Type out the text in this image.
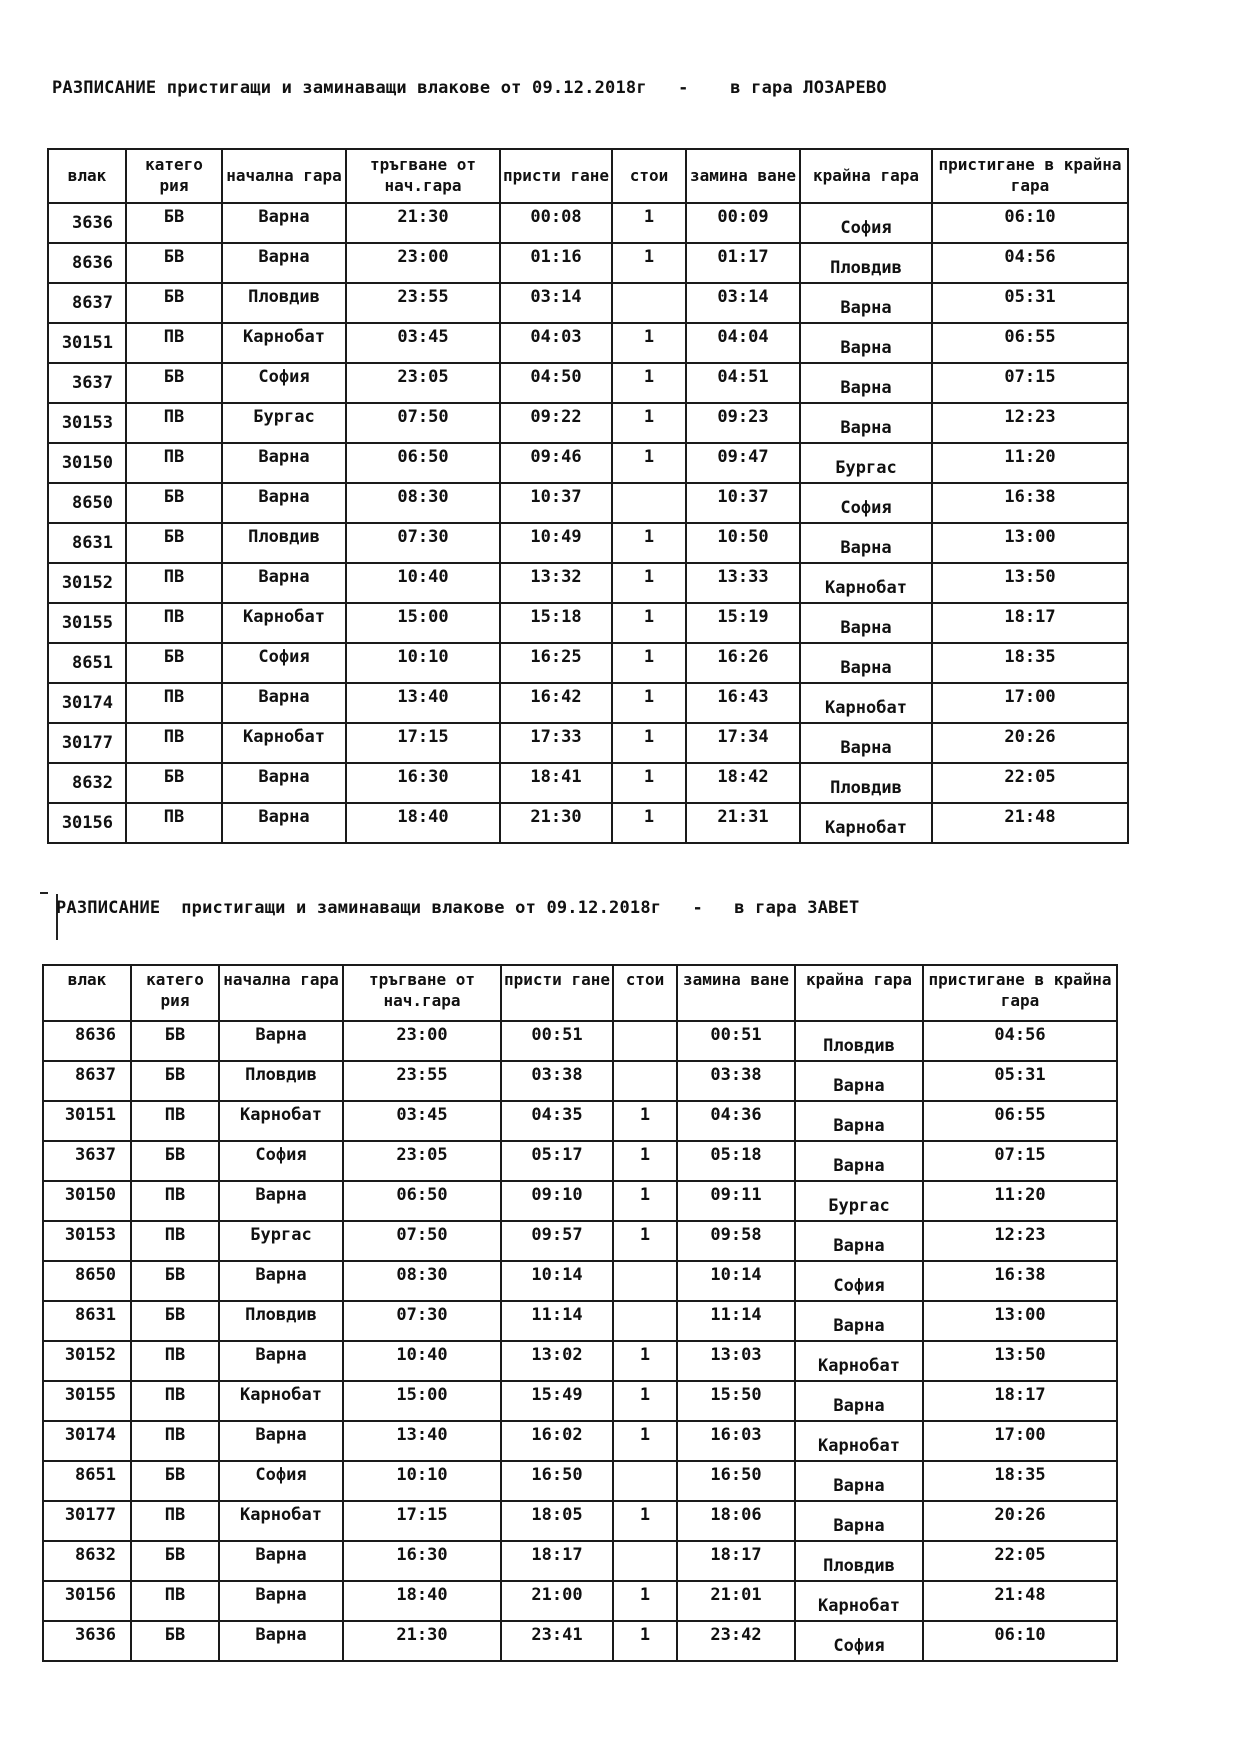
РАЗПИСАНИЕ пристигащи и заминаващи влакове от 09.12.2018г   -    в гара ЛОЗАРЕВО
влак	катего рия	начална гара	тръгване от нач.гара	присти гане	стои	замина ване	крайна гара	пристигане в крайна гара
3636	БВ	Варна	21:30	00:08	1	00:09	София	06:10
8636	БВ	Варна	23:00	01:16	1	01:17	Пловдив	04:56
8637	БВ	Пловдив	23:55	03:14		03:14	Варна	05:31
30151	ПВ	Карнобат	03:45	04:03	1	04:04	Варна	06:55
3637	БВ	София	23:05	04:50	1	04:51	Варна	07:15
30153	ПВ	Бургас	07:50	09:22	1	09:23	Варна	12:23
30150	ПВ	Варна	06:50	09:46	1	09:47	Бургас	11:20
8650	БВ	Варна	08:30	10:37		10:37	София	16:38
8631	БВ	Пловдив	07:30	10:49	1	10:50	Варна	13:00
30152	ПВ	Варна	10:40	13:32	1	13:33	Карнобат	13:50
30155	ПВ	Карнобат	15:00	15:18	1	15:19	Варна	18:17
8651	БВ	София	10:10	16:25	1	16:26	Варна	18:35
30174	ПВ	Варна	13:40	16:42	1	16:43	Карнобат	17:00
30177	ПВ	Карнобат	17:15	17:33	1	17:34	Варна	20:26
8632	БВ	Варна	16:30	18:41	1	18:42	Пловдив	22:05
30156	ПВ	Варна	18:40	21:30	1	21:31	Карнобат	21:48
РАЗПИСАНИЕ  пристигащи и заминаващи влакове от 09.12.2018г   -   в гара ЗАВЕТ
влак	катего рия	начална гара	тръгване от нач.гара	присти гане	стои	замина ване	крайна гара	пристигане в крайна гара
8636	БВ	Варна	23:00	00:51		00:51	Пловдив	04:56
8637	БВ	Пловдив	23:55	03:38		03:38	Варна	05:31
30151	ПВ	Карнобат	03:45	04:35	1	04:36	Варна	06:55
3637	БВ	София	23:05	05:17	1	05:18	Варна	07:15
30150	ПВ	Варна	06:50	09:10	1	09:11	Бургас	11:20
30153	ПВ	Бургас	07:50	09:57	1	09:58	Варна	12:23
8650	БВ	Варна	08:30	10:14		10:14	София	16:38
8631	БВ	Пловдив	07:30	11:14		11:14	Варна	13:00
30152	ПВ	Варна	10:40	13:02	1	13:03	Карнобат	13:50
30155	ПВ	Карнобат	15:00	15:49	1	15:50	Варна	18:17
30174	ПВ	Варна	13:40	16:02	1	16:03	Карнобат	17:00
8651	БВ	София	10:10	16:50		16:50	Варна	18:35
30177	ПВ	Карнобат	17:15	18:05	1	18:06	Варна	20:26
8632	БВ	Варна	16:30	18:17		18:17	Пловдив	22:05
30156	ПВ	Варна	18:40	21:00	1	21:01	Карнобат	21:48
3636	БВ	Варна	21:30	23:41	1	23:42	София	06:10
